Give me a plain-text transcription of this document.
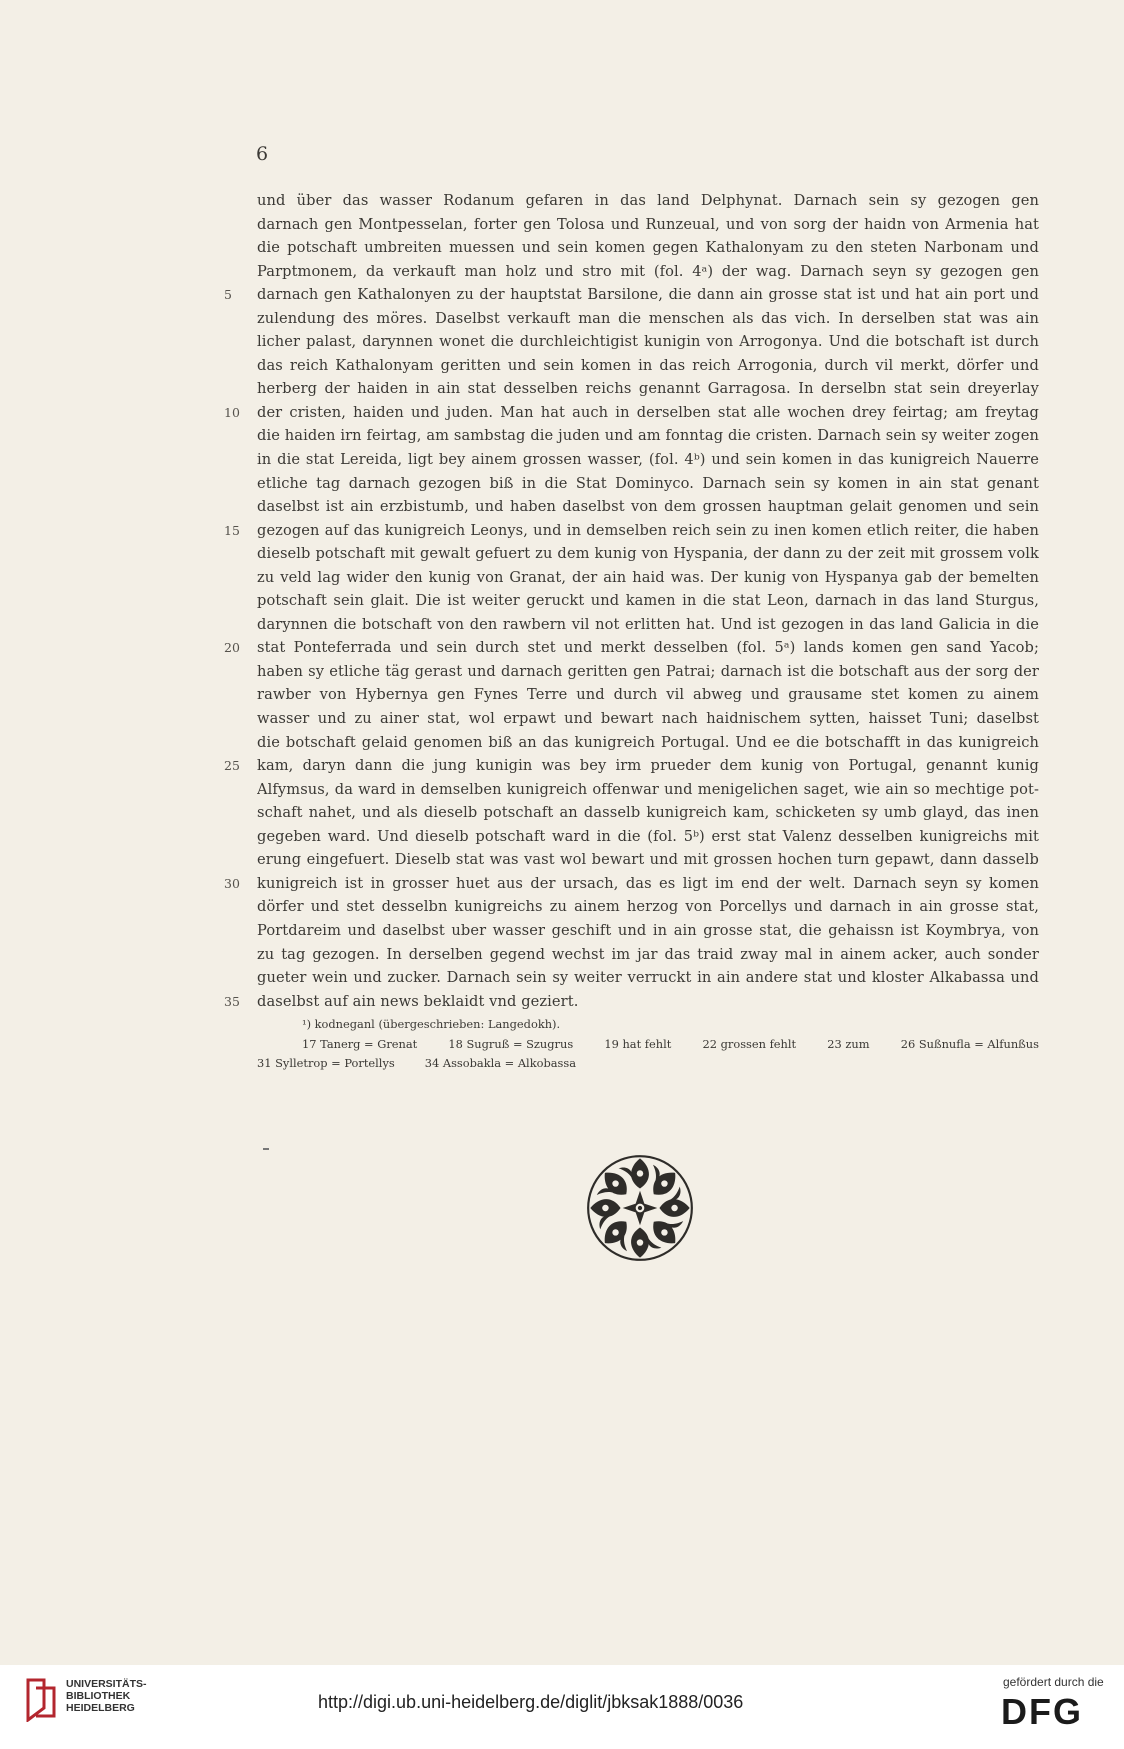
6
und über das wasser Rodanum gefaren in das land Delphynat. Darnach sein sy gezogen gen
darnach gen Montpesselan, forter gen Tolosa und Runzeual, und von sorg der haidn von Armenia hat
die potschaft umbreiten muessen und sein komen gegen Kathalonyam zu den steten Narbonam und
Parptmonem, da verkauft man holz und stro mit (fol. 4ᵃ) der wag. Darnach seyn sy gezogen gen
5	darnach gen Kathalonyen zu der hauptstat Barsilone, die dann ain grosse stat ist und hat ain port und
zulendung des möres. Daselbst verkauft man die menschen als das vich. In derselben stat was ain
licher palast, darynnen wonet die durchleichtigist kunigin von Arrogonya. Und die botschaft ist durch
das reich Kathalonyam geritten und sein komen in das reich Arrogonia, durch vil merkt, dörfer und
herberg der haiden in ain stat desselben reichs genannt Garragosa. In derselbn stat sein dreyerlay
10	der cristen, haiden und juden. Man hat auch in derselben stat alle wochen drey feirtag; am freytag
die haiden irn feirtag, am sambstag die juden und am fonntag die cristen. Darnach sein sy weiter zogen
in die stat Lereida, ligt bey ainem grossen wasser, (fol. 4ᵇ) und sein komen in das kunigreich Nauerre
etliche tag darnach gezogen biß in die Stat Dominyco. Darnach sein sy komen in ain stat genant
daselbst ist ain erzbistumb, und haben daselbst von dem grossen hauptman gelait genomen und sein
15	gezogen auf das kunigreich Leonys, und in demselben reich sein zu inen komen etlich reiter, die haben
dieselb potschaft mit gewalt gefuert zu dem kunig von Hyspania, der dann zu der zeit mit grossem volk
zu veld lag wider den kunig von Granat, der ain haid was. Der kunig von Hyspanya gab der bemelten
potschaft sein glait. Die ist weiter geruckt und kamen in die stat Leon, darnach in das land Sturgus,
darynnen die botschaft von den rawbern vil not erlitten hat. Und ist gezogen in das land Galicia in die
20	stat Ponteferrada und sein durch stet und merkt desselben (fol. 5ᵃ) lands komen gen sand Yacob;
haben sy etliche täg gerast und darnach geritten gen Patrai; darnach ist die botschaft aus der sorg der
rawber von Hybernya gen Fynes Terre und durch vil abweg und grausame stet komen zu ainem
wasser und zu ainer stat, wol erpawt und bewart nach haidnischem sytten, haisset Tuni; daselbst
die botschaft gelaid genomen biß an das kunigreich Portugal. Und ee die botschafft in das kunigreich
25	kam, daryn dann die jung kunigin was bey irm prueder dem kunig von Portugal, genannt kunig
Alfymsus, da ward in demselben kunigreich offenwar und menigelichen saget, wie ain so mechtige pot-
schaft nahet, und als dieselb potschaft an dasselb kunigreich kam, schicketen sy umb glayd, das inen
gegeben ward. Und dieselb potschaft ward in die (fol. 5ᵇ) erst stat Valenz desselben kunigreichs mit
erung eingefuert. Dieselb stat was vast wol bewart und mit grossen hochen turn gepawt, dann dasselb
30	kunigreich ist in grosser huet aus der ursach, das es ligt im end der welt. Darnach seyn sy komen
dörfer und stet desselbn kunigreichs zu ainem herzog von Porcellys und darnach in ain grosse stat,
Portdareim und daselbst uber wasser geschift und in ain grosse stat, die gehaissn ist Koymbrya, von
zu tag gezogen. In derselben gegend wechst im jar das traid zway mal in ainem acker, auch sonder
gueter wein und zucker. Darnach sein sy weiter verruckt in ain andere stat und kloster Alkabassa und
35	daselbst auf ain news beklaidt vnd geziert.
¹) kodneganl (übergeschrieben: Langedokh).
17 Tanerg = Grenat	18 Sugruß = Szugrus	19 hat fehlt	22 grossen fehlt	23 zum	26 Sußnufla = Alfunßus
31 Sylletrop = Portellys	34 Assobakla = Alkobassa
UNIVERSITÄTS-
BIBLIOTHEK
HEIDELBERG	http://digi.ub.uni-heidelberg.de/diglit/jbksak1888/0036
gefördert durch die
DFG
